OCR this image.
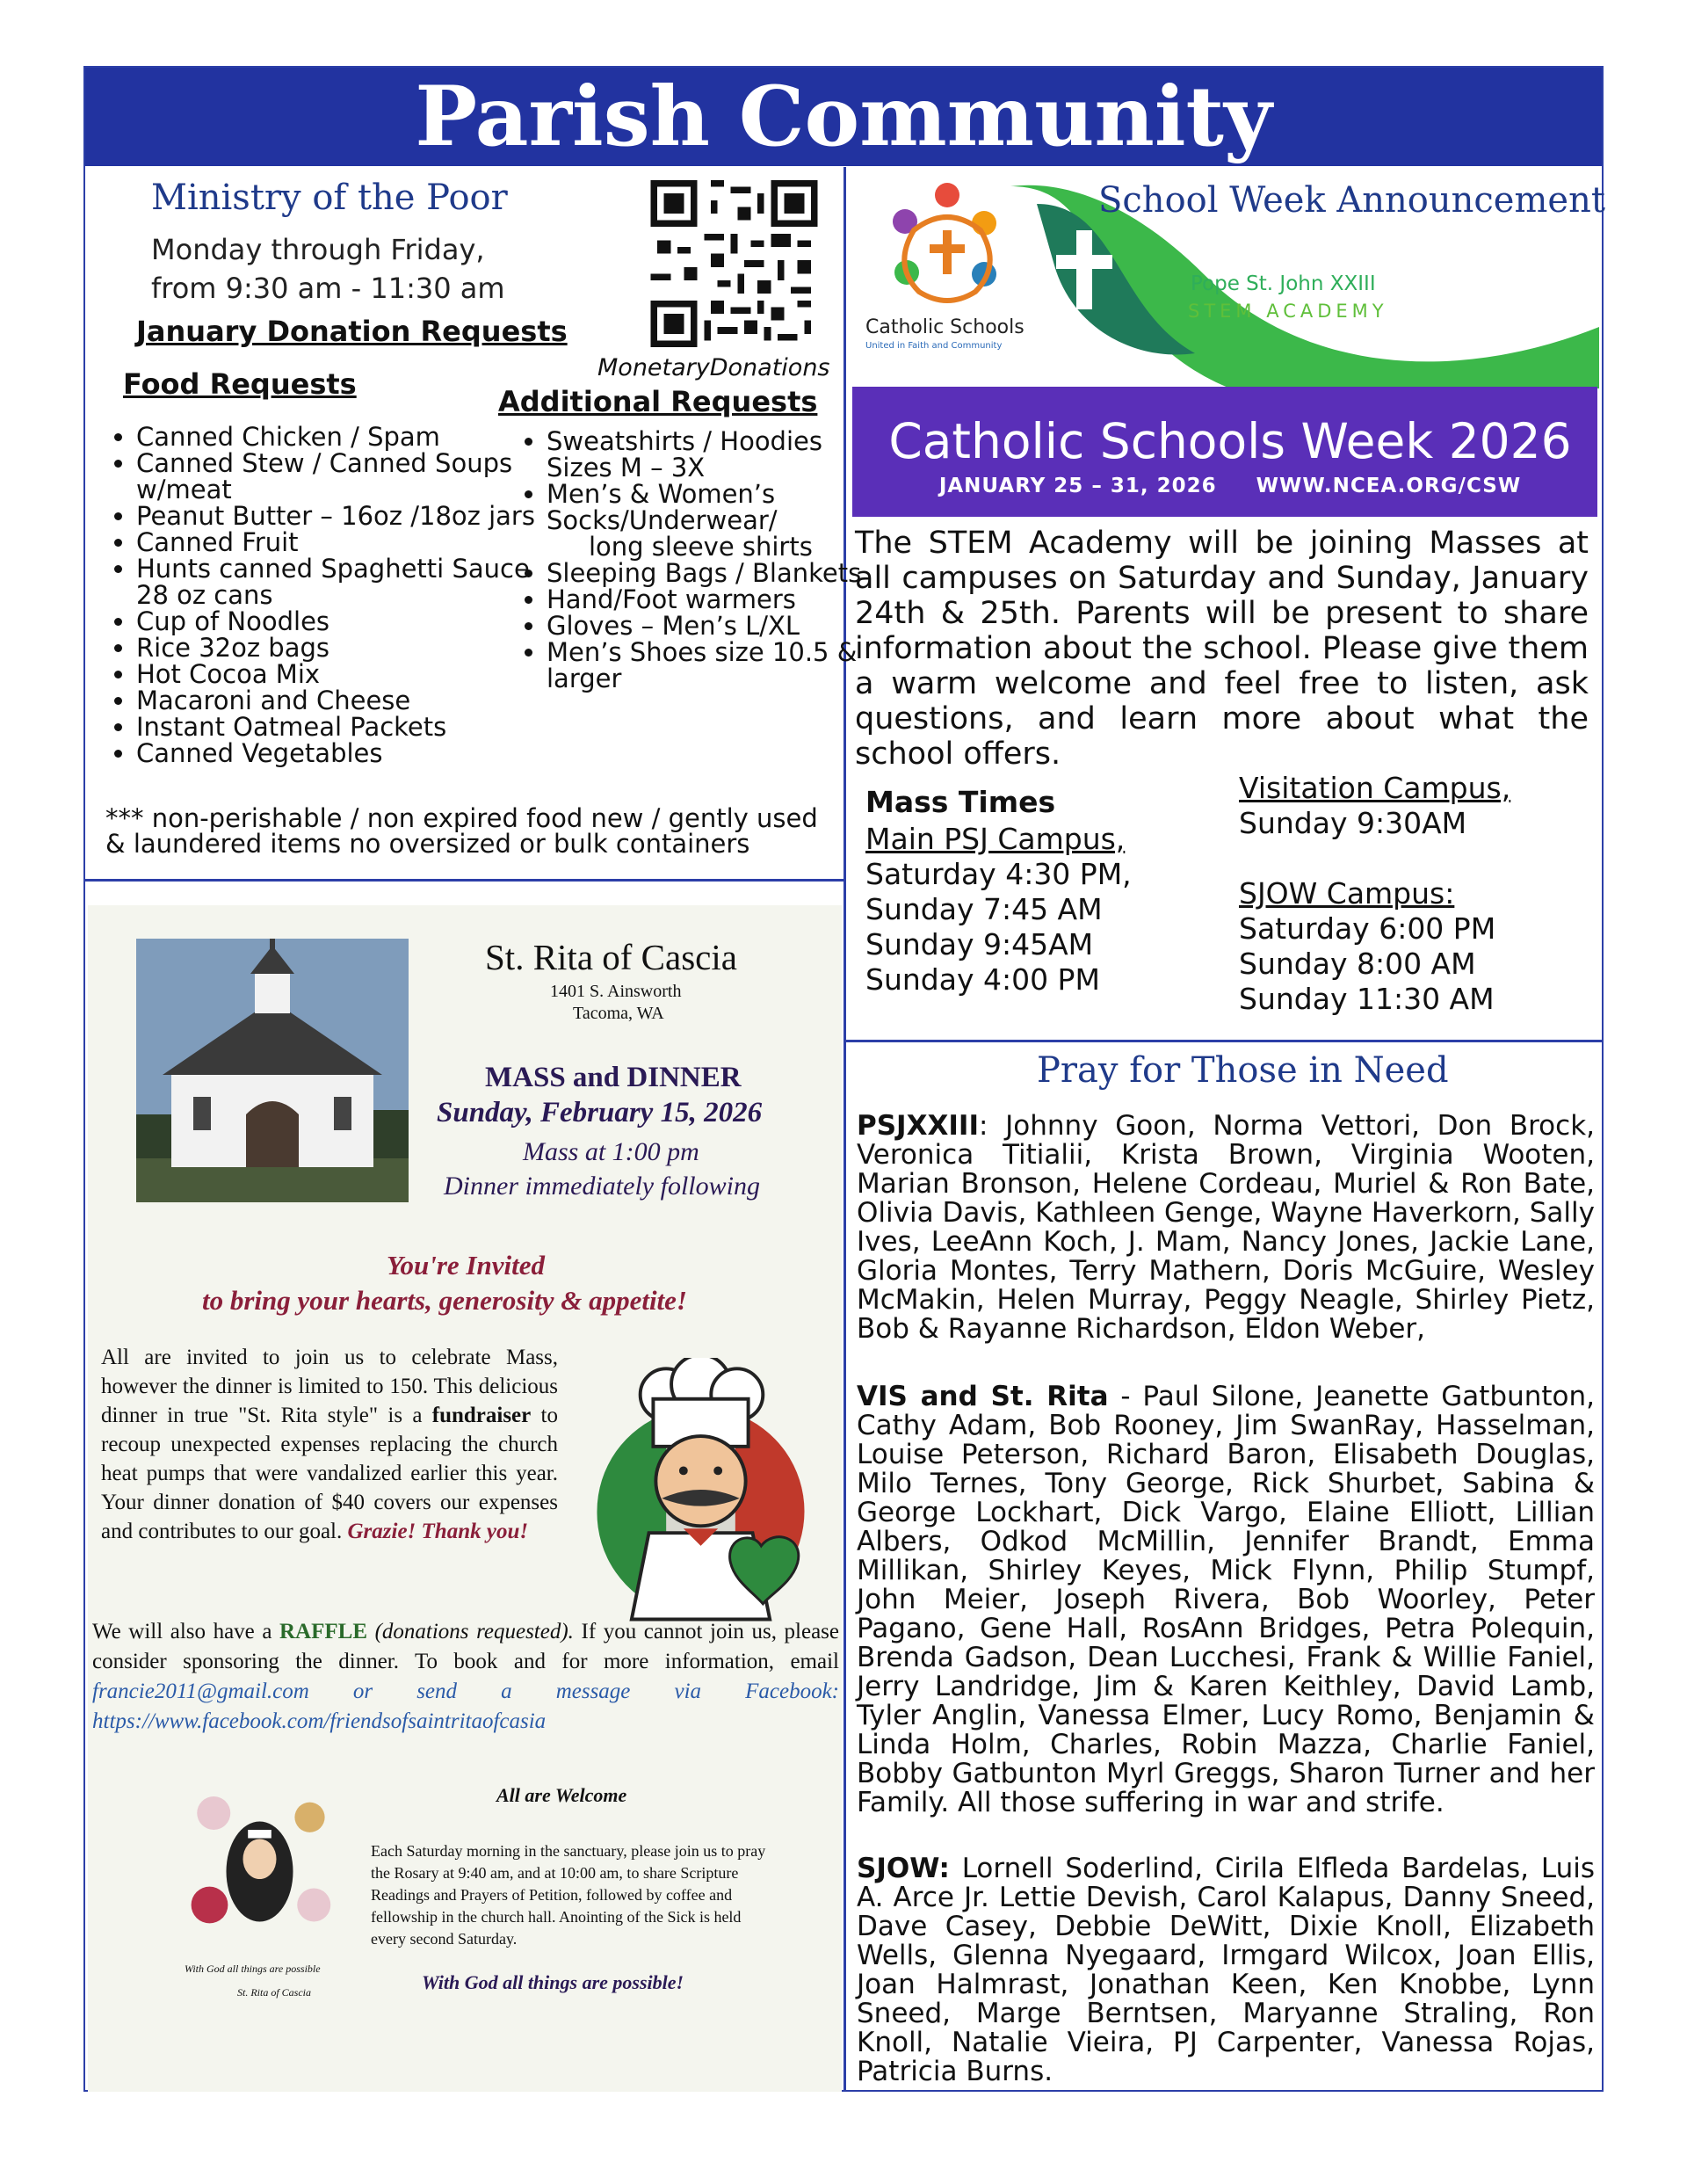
Parish Community
Ministry of the Poor
Monday through Friday,
from 9:30 am - 11:30 am
January Donation Requests
MonetaryDonations
Food Requests
• Canned Chicken / Spam
• Canned Stew / Canned Soups w/meat
• Peanut Butter – 16oz /18oz jars
• Canned Fruit
• Hunts canned Spaghetti Sauce 28 oz cans
• Cup of Noodles
• Rice 32oz bags
• Hot Cocoa Mix
• Macaroni and Cheese
• Instant Oatmeal Packets
• Canned Vegetables
Additional Requests
• Sweatshirts / Hoodies Sizes M – 3X
• Men’s & Women’s Socks/Underwear/
long sleeve shirts
• Sleeping Bags / Blankets
• Hand/Foot warmers
• Gloves – Men’s L/XL
• Men’s Shoes size 10.5 & larger
*** non-perishable / non expired food new / gently used & laundered items no oversized or bulk containers
School Week Announcement
Catholic Schools
United in Faith and Community
Pope St. John XXIII
STEM ACADEMY
Catholic Schools Week 2026
JANUARY 25 – 31, 2026     WWW.NCEA.ORG/CSW
The STEM Academy will be joining Masses at all campuses on Saturday and Sunday, January 24th & 25th. Parents will be present to share information about the school. Please give them a warm welcome and feel free to listen, ask questions, and learn more about what the school offers.
Mass Times
Main PSJ Campus,
Saturday 4:30 PM,
Sunday 7:45 AM
Sunday 9:45AM
Sunday 4:00 PM
Visitation Campus,
Sunday 9:30AM
SJOW Campus:
Saturday 6:00 PM
Sunday 8:00 AM
Sunday 11:30 AM
Pray for Those in Need
PSJXXIII: Johnny Goon, Norma Vettori, Don Brock, Veronica Titialii, Krista Brown, Virginia Wooten, Marian Bronson, Helene Cordeau, Muriel & Ron Bate, Olivia Davis, Kathleen Genge, Wayne Haverkorn, Sally Ives, LeeAnn Koch, J. Mam, Nancy Jones, Jackie Lane, Gloria Montes, Terry Mathern, Doris McGuire, Wesley McMakin, Helen Murray, Peggy Neagle, Shirley Pietz, Bob & Rayanne Richardson, Eldon Weber,
VIS and St. Rita - Paul Silone, Jeanette Gatbunton, Cathy Adam, Bob Rooney, Jim SwanRay, Hasselman, Louise Peterson, Richard Baron, Elisabeth Douglas, Milo Ternes, Tony George, Rick Shurbet, Sabina & George Lockhart, Dick Vargo, Elaine Elliott, Lillian Albers, Odkod McMillin, Jennifer Brandt, Emma Millikan, Shirley Keyes, Mick Flynn, Philip Stumpf, John Meier, Joseph Rivera, Bob Woorley, Peter Pagano, Gene Hall, RosAnn Bridges, Petra Polequin, Brenda Gadson, Dean Lucchesi, Frank & Willie Faniel, Jerry Landridge, Jim & Karen Keithley, David Lamb, Tyler Anglin, Vanessa Elmer, Lucy Romo, Benjamin & Linda Holm, Charles, Robin Mazza, Charlie Faniel, Bobby Gatbunton Myrl Greggs, Sharon Turner and her Family. All those suffering in war and strife.
SJOW: Lornell Soderlind, Cirila Elfleda Bardelas, Luis A. Arce Jr. Lettie Devish, Carol Kalapus, Danny Sneed, Dave Casey, Debbie DeWitt, Dixie Knoll, Elizabeth Wells, Glenna Nyegaard, Irmgard Wilcox, Joan Ellis, Joan Halmrast, Jonathan Keen, Ken Knobbe, Lynn Sneed, Marge Berntsen, Maryanne Straling, Ron Knoll, Natalie Vieira, PJ Carpenter, Vanessa Rojas, Patricia Burns.
St. Rita of Cascia
1401 S. Ainsworth
Tacoma, WA
MASS and DINNER
Sunday, February 15, 2026
Mass at 1:00 pm
Dinner immediately following
You're Invited
to bring your hearts, generosity & appetite!
All are invited to join us to celebrate Mass, however the dinner is limited to 150. This delicious dinner in true "St. Rita style" is a fundraiser to recoup unexpected expenses replacing the church heat pumps that were vandalized earlier this year. Your dinner donation of $40 covers our expenses and contributes to our goal. Grazie! Thank you!
We will also have a RAFFLE (donations requested). If you cannot join us, please consider sponsoring the dinner. To book and for more information, email francie2011@gmail.com or send a message via Facebook: https://www.facebook.com/friendsofsaintritaofcasia
With God all things are possible
St. Rita of Cascia
All are Welcome
Each Saturday morning in the sanctuary, please join us to pray the Rosary at 9:40 am, and at 10:00 am, to share Scripture Readings and Prayers of Petition, followed by coffee and fellowship in the church hall. Anointing of the Sick is held every second Saturday.
With God all things are possible!
